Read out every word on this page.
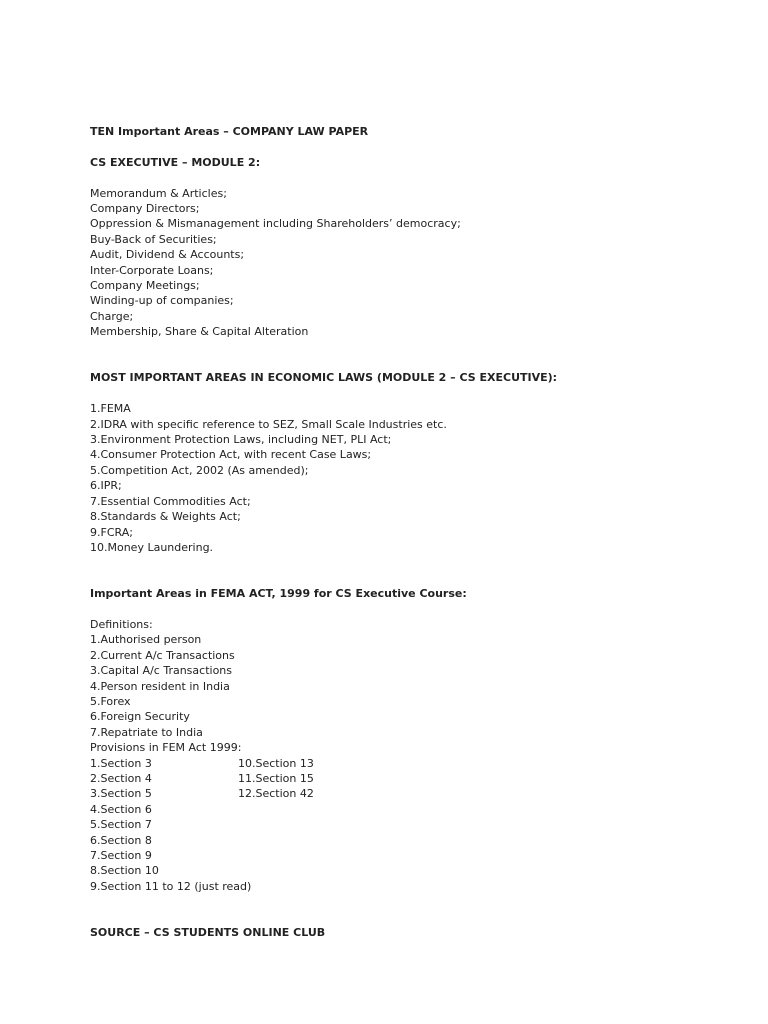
TEN Important Areas – COMPANY LAW PAPER

CS EXECUTIVE – MODULE 2:

Memorandum & Articles;

Company Directors;

Oppression & Mismanagement including Shareholders’ democracy;

Buy-Back of Securities;

Audit, Dividend & Accounts;

Inter-Corporate Loans;

Company Meetings;

Winding-up of companies;

Charge;

Membership, Share & Capital Alteration

MOST IMPORTANT AREAS IN ECONOMIC LAWS (MODULE 2 – CS EXECUTIVE):

1.FEMA

2.IDRA with specific reference to SEZ, Small Scale Industries etc.

3.Environment Protection Laws, including NET, PLI Act;

4.Consumer Protection Act, with recent Case Laws;

5.Competition Act, 2002 (As amended);

6.IPR;

7.Essential Commodities Act;

8.Standards & Weights Act;

9.FCRA;

10.Money Laundering.

Important Areas in FEMA ACT, 1999 for CS Executive Course:

Definitions:

1.Authorised person

2.Current A/c Transactions

3.Capital A/c Transactions

4.Person resident in India

5.Forex

6.Foreign Security

7.Repatriate to India

Provisions in FEM Act 1999:

1.Section 3

2.Section 4

3.Section 5

4.Section 6

5.Section 7

6.Section 8

7.Section 9

8.Section 10

9.Section 11 to 12 (just read)

10.Section 13

11.Section 15

12.Section 42

SOURCE – CS STUDENTS ONLINE CLUB
